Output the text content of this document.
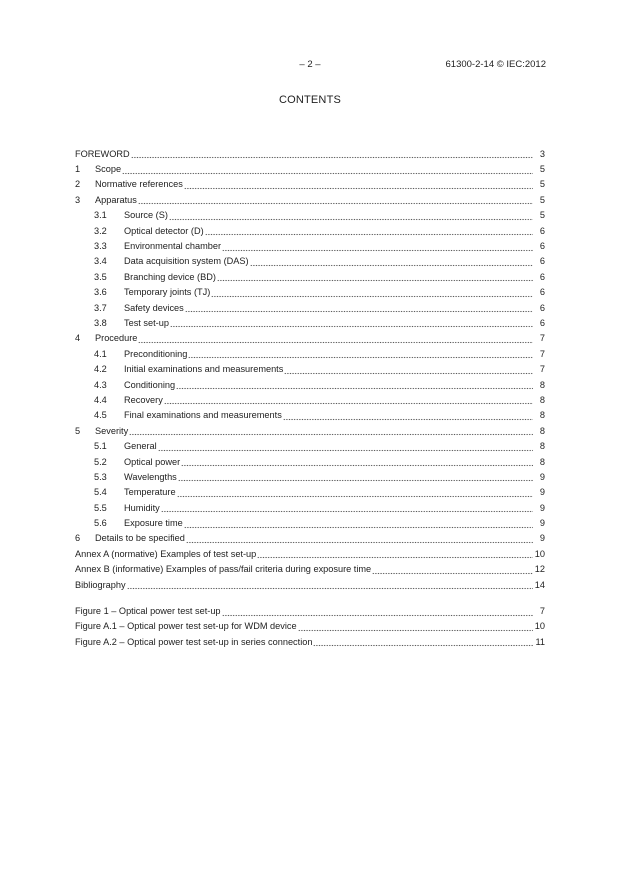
– 2 –	61300-2-14 © IEC:2012
CONTENTS
FOREWORD	3
1	Scope	5
2	Normative references	5
3	Apparatus	5
3.1	Source (S)	5
3.2	Optical detector (D)	6
3.3	Environmental chamber	6
3.4	Data acquisition system (DAS)	6
3.5	Branching device (BD)	6
3.6	Temporary joints (TJ)	6
3.7	Safety devices	6
3.8	Test set-up	6
4	Procedure	7
4.1	Preconditioning	7
4.2	Initial examinations and measurements	7
4.3	Conditioning	8
4.4	Recovery	8
4.5	Final examinations and measurements	8
5	Severity	8
5.1	General	8
5.2	Optical power	8
5.3	Wavelengths	9
5.4	Temperature	9
5.5	Humidity	9
5.6	Exposure time	9
6	Details to be specified	9
Annex A (normative) Examples of test set-up	10
Annex B (informative) Examples of pass/fail criteria during exposure time	12
Bibliography	14
Figure 1 – Optical power test set-up	7
Figure A.1 – Optical power test set-up for WDM device	10
Figure A.2 – Optical power test set-up in series connection	11
